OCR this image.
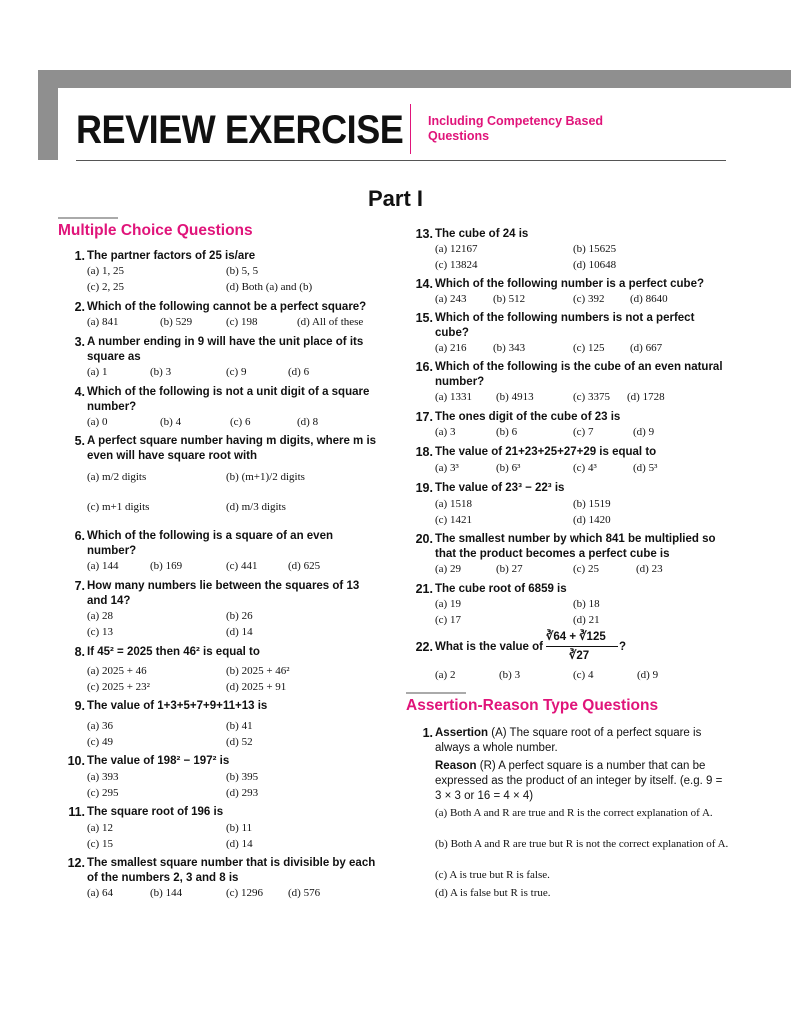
REVIEW EXERCISE Including Competency Based Questions
Part I
Multiple Choice Questions
1. The partner factors of 25 is/are
(a) 1, 25	(b) 5, 5
(c) 2, 25	(d) Both (a) and (b)
2. Which of the following cannot be a perfect square?
(a) 841	(b) 529	(c) 198	(d) All of these
3. A number ending in 9 will have the unit place of its square as
(a) 1	(b) 3	(c) 9	(d) 6
4. Which of the following is not a unit digit of a square number?
(a) 0	(b) 4	(c) 6	(d) 8
5. A perfect square number having m digits, where m is even will have square root with
(a) m/2 digits	(b) (m+1)/2 digits
(c) m+1 digits	(d) m/3 digits
6. Which of the following is a square of an even number?
(a) 144	(b) 169	(c) 441	(d) 625
7. How many numbers lie between the squares of 13 and 14?
(a) 28	(b) 26
(c) 13	(d) 14
8. If 45² = 2025 then 46² is equal to
(a) 2025 + 46	(b) 2025 + 46²
(c) 2025 + 23²	(d) 2025 + 91
9. The value of 1+3+5+7+9+11+13 is
(a) 36	(b) 41
(c) 49	(d) 52
10. The value of 198² − 197² is
(a) 393	(b) 395
(c) 295	(d) 293
11. The square root of 196 is
(a) 12	(b) 11
(c) 15	(d) 14
12. The smallest square number that is divisible by each of the numbers 2, 3 and 8 is
(a) 64	(b) 144	(c) 1296 (d) 576
13. The cube of 24 is
(a) 12167	(b) 15625
(c) 13824	(d) 10648
14. Which of the following number is a perfect cube?
(a) 243 (b) 512	(c) 392 (d) 8640
15. Which of the following numbers is not a perfect cube?
(a) 216 (b) 343	(c) 125 (d) 667
16. Which of the following is the cube of an even natural number?
(a) 1331 (b) 4913	(c) 3375 (d) 1728
17. The ones digit of the cube of 23 is
(a) 3	(b) 6	(c) 7	(d) 9
18. The value of 21+23+25+27+29 is equal to
(a) 3³	(b) 6³	(c) 4³	(d) 5³
19. The value of 23³ − 22³ is
(a) 1518	(b) 1519
(c) 1421	(d) 1420
20. The smallest number by which 841 be multiplied so that the product becomes a perfect cube is
(a) 29	(b) 27	(c) 25	(d) 23
21. The cube root of 6859 is
(a) 19	(b) 18
(c) 17	(d) 21
22. What is the value of
∛64 + ∛125
∛27
?
(a) 2	(b) 3	(c) 4	(d) 9
Assertion-Reason Type Questions
1. Assertion (A) The square root of a perfect square is always a whole number.
Reason (R) A perfect square is a number that can be expressed as the product of an integer by itself. (e.g. 9 = 3 × 3 or 16 = 4 × 4)
(a) Both A and R are true and R is the correct explanation of A.
(b) Both A and R are true but R is not the correct explanation of A.
(c) A is true but R is false.
(d) A is false but R is true.
